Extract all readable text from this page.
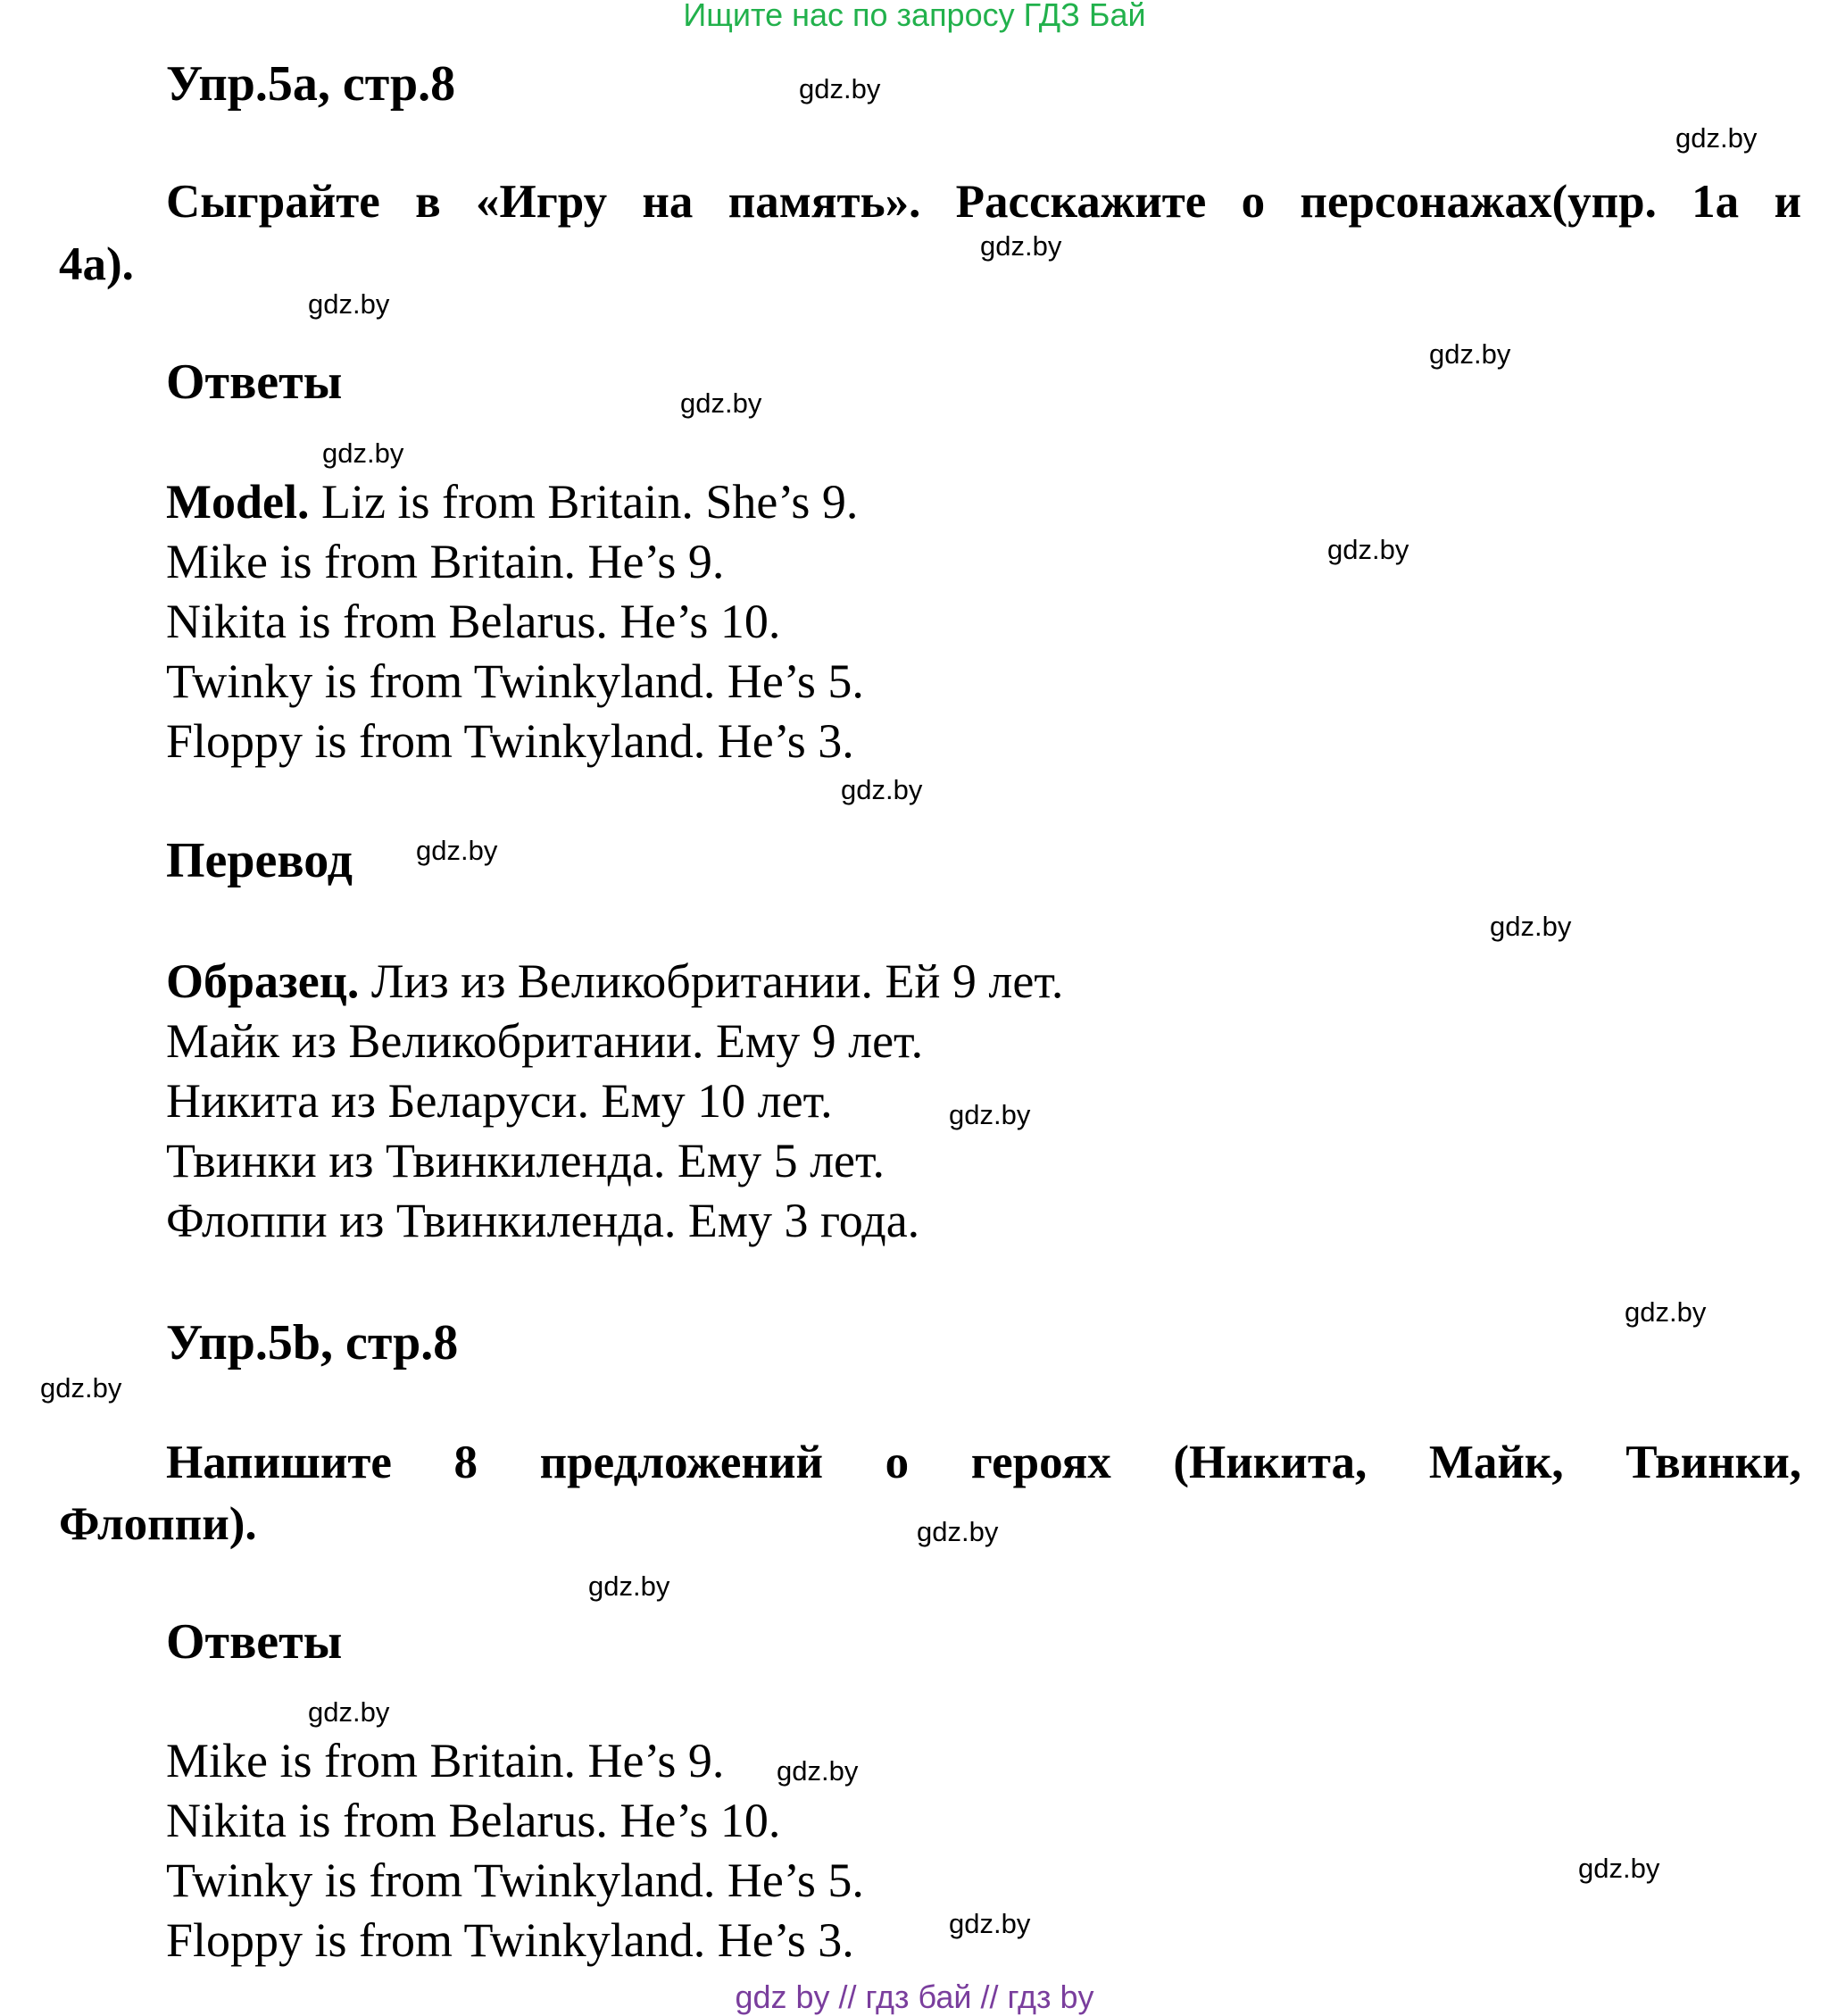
Ищите нас по запросу ГДЗ Бай
Упр.5а, стр.8
Сыграйте в «Игру на память». Расскажите о персонажах(упр. 1а и
4а).
Ответы
Model. Liz is from Britain. She’s 9.
Mike is from Britain. He’s 9.
Nikita is from Belarus. He’s 10.
Twinky is from Twinkyland. He’s 5.
Floppy is from Twinkyland. He’s 3.
Перевод
Образец. Лиз из Великобритании. Ей 9 лет.
Майк из Великобритании. Ему 9 лет.
Никита из Беларуси. Ему 10 лет.
Твинки из Твинкиленда. Ему 5 лет.
Флоппи из Твинкиленда. Ему 3 года.
Упр.5b, стр.8
Напишите 8 предложений о героях (Никита, Майк, Твинки,
Флоппи).
Ответы
Mike is from Britain. He’s 9.
Nikita is from Belarus. He’s 10.
Twinky is from Twinkyland. He’s 5.
Floppy is from Twinkyland. He’s 3.
gdz.by
gdz.by
gdz.by
gdz.by
gdz.by
gdz.by
gdz.by
gdz.by
gdz.by
gdz.by
gdz.by
gdz.by
gdz.by
gdz.by
gdz.by
gdz.by
gdz.by
gdz.by
gdz.by
gdz.by
gdz by // гдз бай // гдз by
